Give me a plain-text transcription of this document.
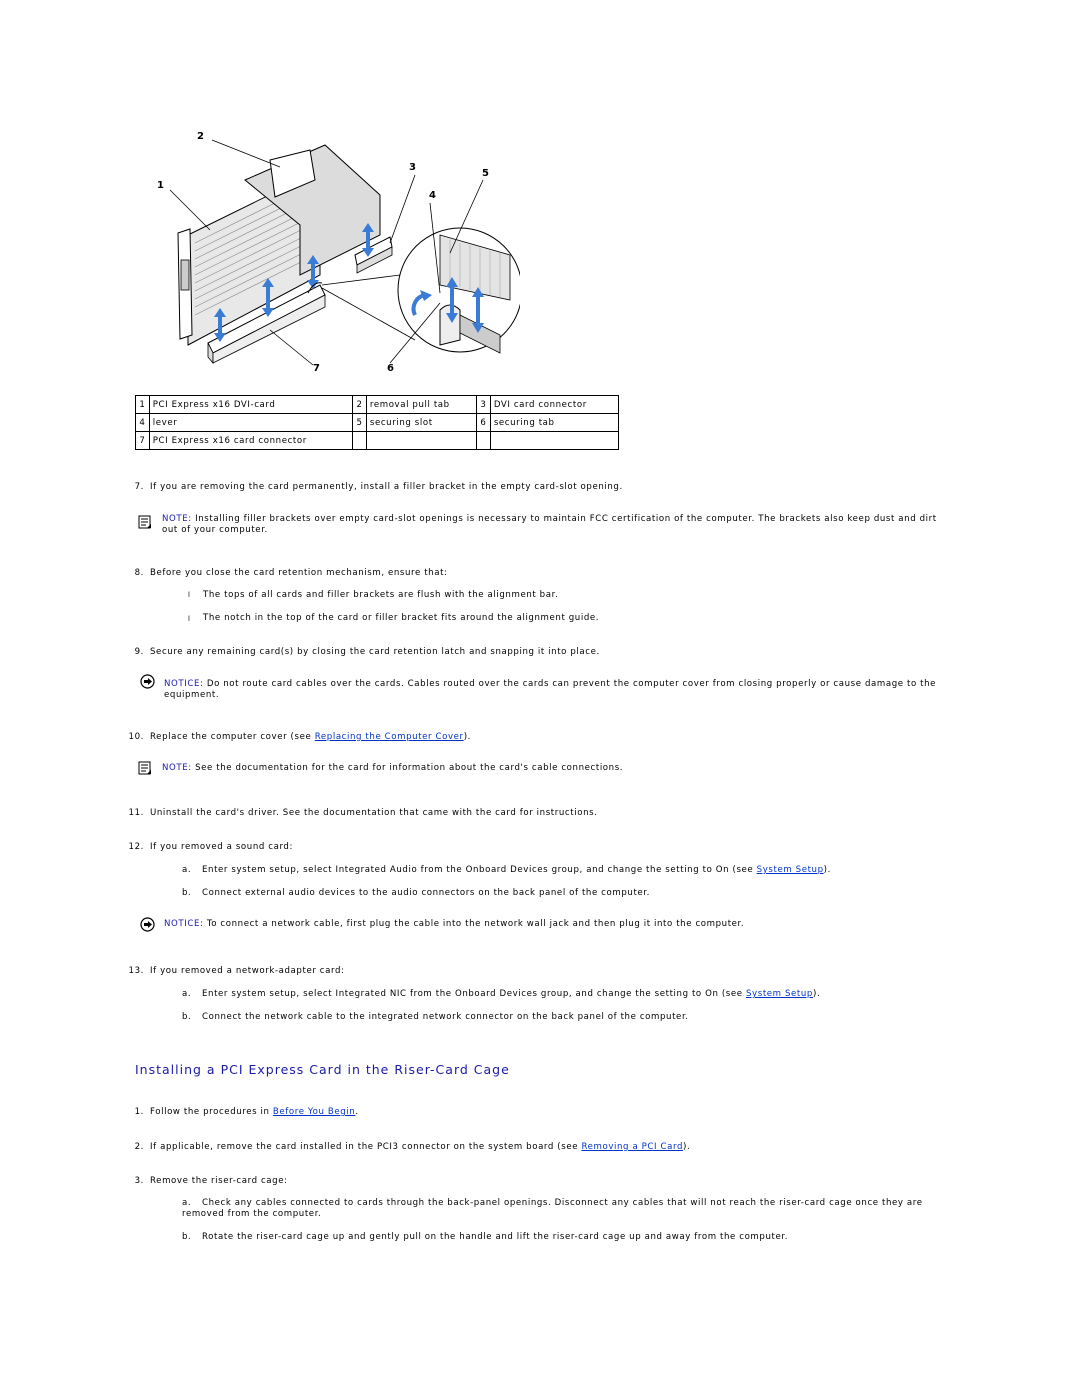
2
1
3
4
5
6
7
1	PCI Express x16 DVI-card	2	removal pull tab	3	DVI card connector
4	lever	5	securing slot	6	securing tab
7	PCI Express x16 card connector				
7. If you are removing the card permanently, install a filler bracket in the empty card-slot opening.
NOTE: Installing filler brackets over empty card-slot openings is necessary to maintain FCC certification of the computer. The brackets also keep dust and dirt out of your computer.
8. Before you close the card retention mechanism, ensure that:
l The tops of all cards and filler brackets are flush with the alignment bar.
l The notch in the top of the card or filler bracket fits around the alignment guide.
9. Secure any remaining card(s) by closing the card retention latch and snapping it into place.
NOTICE: Do not route card cables over the cards. Cables routed over the cards can prevent the computer cover from closing properly or cause damage to the equipment.
10. Replace the computer cover (see Replacing the Computer Cover).
NOTE: See the documentation for the card for information about the card's cable connections.
11. Uninstall the card's driver. See the documentation that came with the card for instructions.
12. If you removed a sound card:
a. Enter system setup, select Integrated Audio from the Onboard Devices group, and change the setting to On (see System Setup).
b. Connect external audio devices to the audio connectors on the back panel of the computer.
NOTICE: To connect a network cable, first plug the cable into the network wall jack and then plug it into the computer.
13. If you removed a network-adapter card:
a. Enter system setup, select Integrated NIC from the Onboard Devices group, and change the setting to On (see System Setup).
b. Connect the network cable to the integrated network connector on the back panel of the computer.
Installing a PCI Express Card in the Riser-Card Cage
1. Follow the procedures in Before You Begin.
2. If applicable, remove the card installed in the PCI3 connector on the system board (see Removing a PCI Card).
3. Remove the riser-card cage:
a. Check any cables connected to cards through the back-panel openings. Disconnect any cables that will not reach the riser-card cage once they are removed from the computer.
b. Rotate the riser-card cage up and gently pull on the handle and lift the riser-card cage up and away from the computer.
